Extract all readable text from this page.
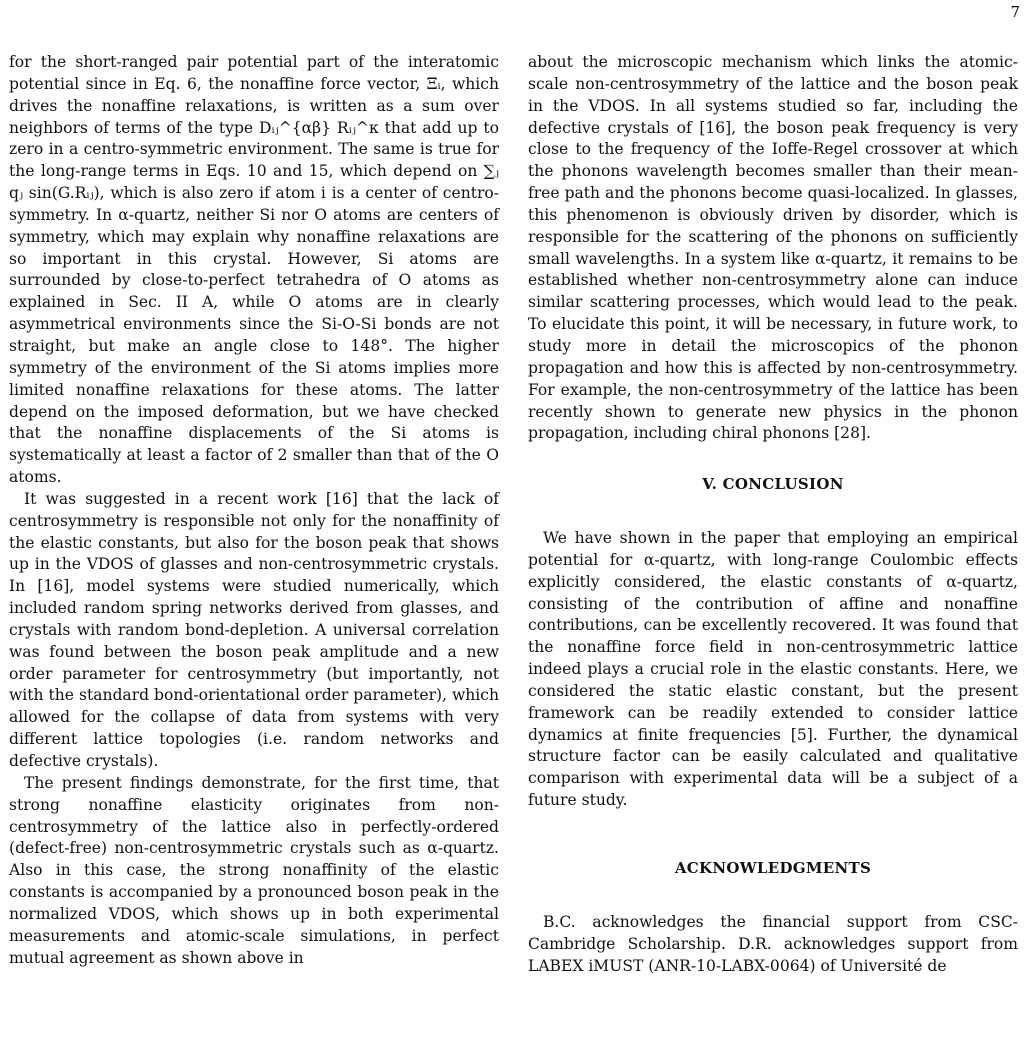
7

for the short-ranged pair potential part of the interatomic potential since in Eq. 6, the nonaffine force vector, Ξᵢ, which drives the nonaffine relaxations, is written as a sum over neighbors of terms of the type Dᵢⱼ^{αβ} Rᵢⱼ^κ that add up to zero in a centro-symmetric environment. The same is true for the long-range terms in Eqs. 10 and 15, which depend on ∑ⱼ qⱼ sin(G.Rᵢⱼ), which is also zero if atom i is a center of centro-symmetry. In α-quartz, neither Si nor O atoms are centers of symmetry, which may explain why nonaffine relaxations are so important in this crystal. However, Si atoms are surrounded by close-to-perfect tetrahedra of O atoms as explained in Sec. II A, while O atoms are in clearly asymmetrical environments since the Si-O-Si bonds are not straight, but make an angle close to 148°. The higher symmetry of the environment of the Si atoms implies more limited nonaffine relaxations for these atoms. The latter depend on the imposed deformation, but we have checked that the nonaffine displacements of the Si atoms is systematically at least a factor of 2 smaller than that of the O atoms.

It was suggested in a recent work [16] that the lack of centrosymmetry is responsible not only for the nonaffinity of the elastic constants, but also for the boson peak that shows up in the VDOS of glasses and non-centrosymmetric crystals. In [16], model systems were studied numerically, which included random spring networks derived from glasses, and crystals with random bond-depletion. A universal correlation was found between the boson peak amplitude and a new order parameter for centrosymmetry (but importantly, not with the standard bond-orientational order parameter), which allowed for the collapse of data from systems with very different lattice topologies (i.e. random networks and defective crystals).

The present findings demonstrate, for the first time, that strong nonaffine elasticity originates from non-centrosymmetry of the lattice also in perfectly-ordered (defect-free) non-centrosymmetric crystals such as α-quartz. Also in this case, the strong nonaffinity of the elastic constants is accompanied by a pronounced boson peak in the normalized VDOS, which shows up in both experimental measurements and atomic-scale simulations, in perfect mutual agreement as shown above in

about the microscopic mechanism which links the atomic-scale non-centrosymmetry of the lattice and the boson peak in the VDOS. In all systems studied so far, including the defective crystals of [16], the boson peak frequency is very close to the frequency of the Ioffe-Regel crossover at which the phonons wavelength becomes smaller than their mean-free path and the phonons become quasi-localized. In glasses, this phenomenon is obviously driven by disorder, which is responsible for the scattering of the phonons on sufficiently small wavelengths. In a system like α-quartz, it remains to be established whether non-centrosymmetry alone can induce similar scattering processes, which would lead to the peak. To elucidate this point, it will be necessary, in future work, to study more in detail the microscopics of the phonon propagation and how this is affected by non-centrosymmetry. For example, the non-centrosymmetry of the lattice has been recently shown to generate new physics in the phonon propagation, including chiral phonons [28].

V. CONCLUSION

We have shown in the paper that employing an empirical potential for α-quartz, with long-range Coulombic effects explicitly considered, the elastic constants of α-quartz, consisting of the contribution of affine and nonaffine contributions, can be excellently recovered. It was found that the nonaffine force field in non-centrosymmetric lattice indeed plays a crucial role in the elastic constants. Here, we considered the static elastic constant, but the present framework can be readily extended to consider lattice dynamics at finite frequencies [5]. Further, the dynamical structure factor can be easily calculated and qualitative comparison with experimental data will be a subject of a future study.

ACKNOWLEDGMENTS

B.C. acknowledges the financial support from CSC-Cambridge Scholarship. D.R. acknowledges support from LABEX iMUST (ANR-10-LABX-0064) of Université de
